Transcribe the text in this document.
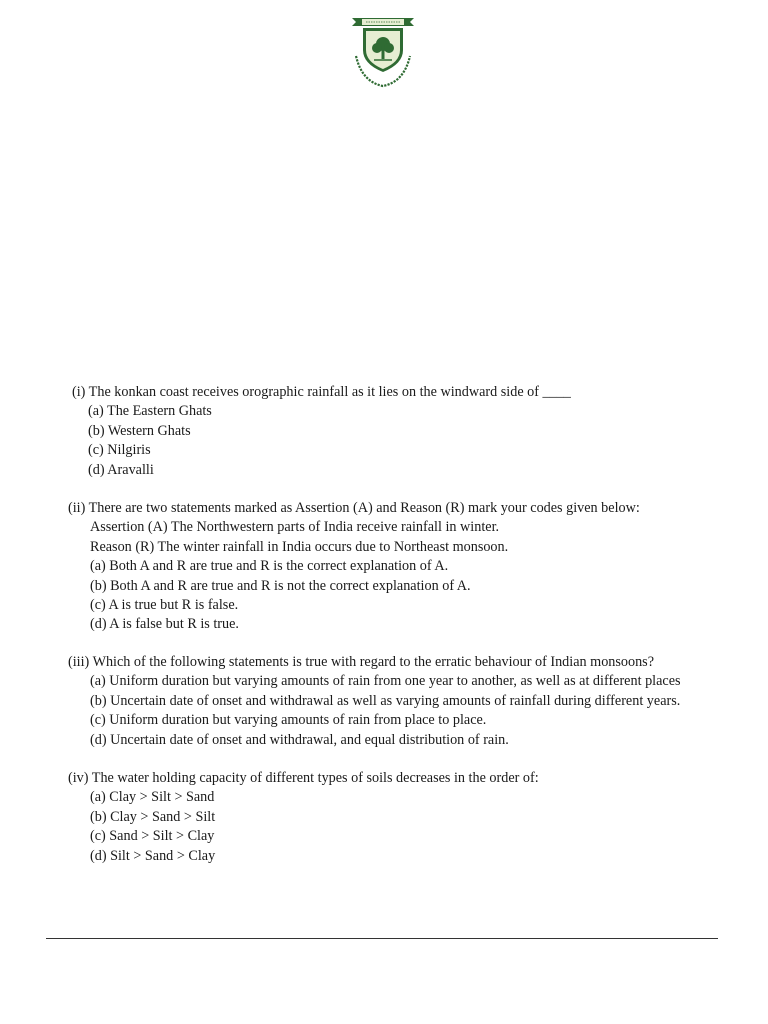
(i) The konkan coast receives orographic rainfall as it lies on the windward side of ____
(a) The Eastern Ghats
(b) Western Ghats
(c) Nilgiris
(d) Aravalli
(ii) There are two statements marked as Assertion (A) and Reason (R) mark your codes given below:
Assertion (A) The Northwestern parts of India receive rainfall in winter.
Reason (R) The winter rainfall in India occurs due to Northeast monsoon.
(a) Both A and R are true and R is the correct explanation of A.
(b) Both A and R are true and R is not the correct explanation of A.
(c) A is true but R is false.
(d) A is false but R is true.
(iii) Which of the following statements is true with regard to the erratic behaviour of Indian monsoons?
(a) Uniform duration but varying amounts of rain from one year to another, as well as at different places
(b) Uncertain date of onset and withdrawal as well as varying amounts of rainfall during different years.
(c) Uniform duration but varying amounts of rain from place to place.
(d) Uncertain date of onset and withdrawal, and equal distribution of rain.
(iv) The water holding capacity of different types of soils decreases in the order of:
(a) Clay > Silt > Sand
(b) Clay > Sand > Silt
(c) Sand > Silt > Clay
(d) Silt > Sand > Clay
